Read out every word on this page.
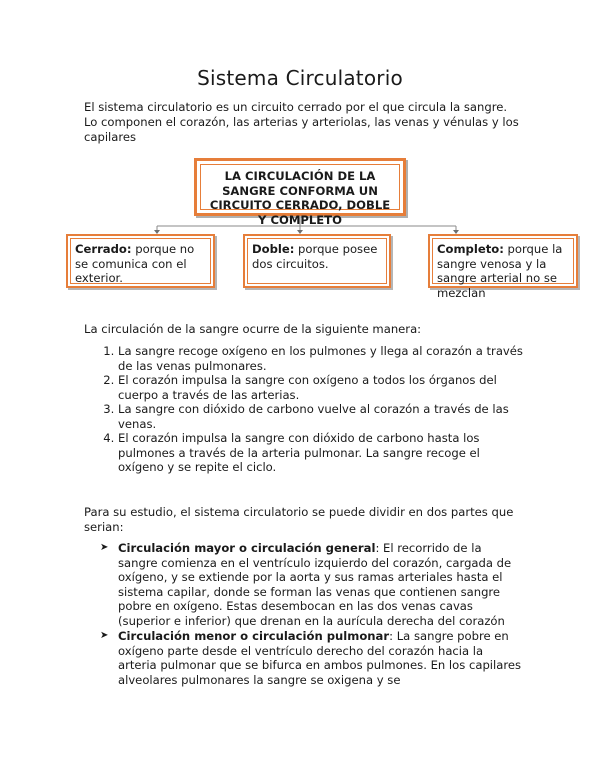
Sistema Circulatorio
El sistema circulatorio es un circuito cerrado por el que circula la sangre. Lo componen el corazón, las arterias y arteriolas, las venas y vénulas y los capilares
LA CIRCULACIÓN DE LA SANGRE CONFORMA UN CIRCUITO CERRADO, DOBLE Y COMPLETO
Cerrado: porque no se comunica con el exterior.
Doble: porque posee dos circuitos.
Completo: porque la sangre venosa y la sangre arterial no se mezclan
La circulación de la sangre ocurre de la siguiente manera:
1. La sangre recoge oxígeno en los pulmones y llega al corazón a través de las venas pulmonares.
2. El corazón impulsa la sangre con oxígeno a todos los órganos del cuerpo a través de las arterias.
3. La sangre con dióxido de carbono vuelve al corazón a través de las venas.
4. El corazón impulsa la sangre con dióxido de carbono hasta los pulmones a través de la arteria pulmonar. La sangre recoge el oxígeno y se repite el ciclo.
Para su estudio, el sistema circulatorio se puede dividir en dos partes que serian:
➤ Circulación mayor o circulación general: El recorrido de la sangre comienza en el ventrículo izquierdo del corazón, cargada de oxígeno, y se extiende por la aorta y sus ramas arteriales hasta el sistema capilar, donde se forman las venas que contienen sangre pobre en oxígeno. Estas desembocan en las dos venas cavas (superior e inferior) que drenan en la aurícula derecha del corazón
➤ Circulación menor o circulación pulmonar: La sangre pobre en oxígeno parte desde el ventrículo derecho del corazón hacia la arteria pulmonar que se bifurca en ambos pulmones. En los capilares alveolares pulmonares la sangre se oxigena y se
